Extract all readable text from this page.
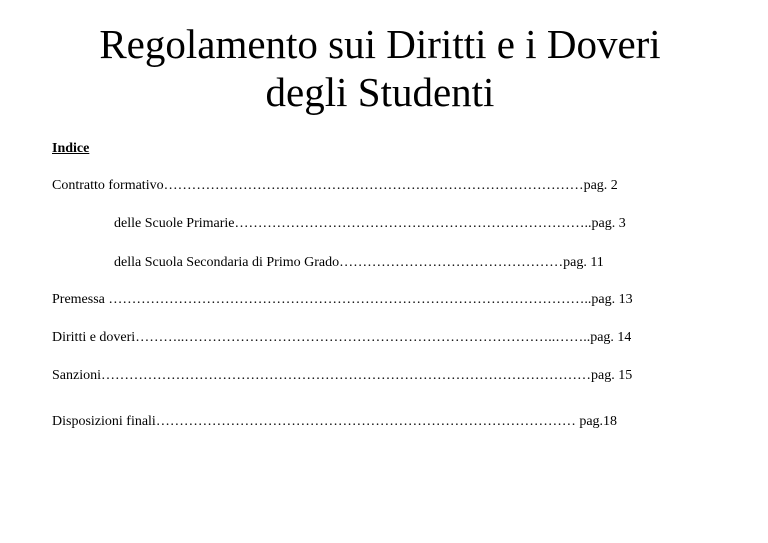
Regolamento sui Diritti e i Doveri
degli Studenti
Indice
Contratto formativo………………………………………………………………………………pag. 2
delle Scuole Primarie…………………………………………………………………..pag. 3
della Scuola Secondaria di Primo Grado…………………………………………pag. 11
Premessa …………………………………………………………………………………………..pag. 13
Diritti e doveri………..……………………………………………………………………..……..pag. 14
Sanzioni……………………………………………………………………………………………pag. 15
Disposizioni finali……………………………………………………………………………… pag.18
